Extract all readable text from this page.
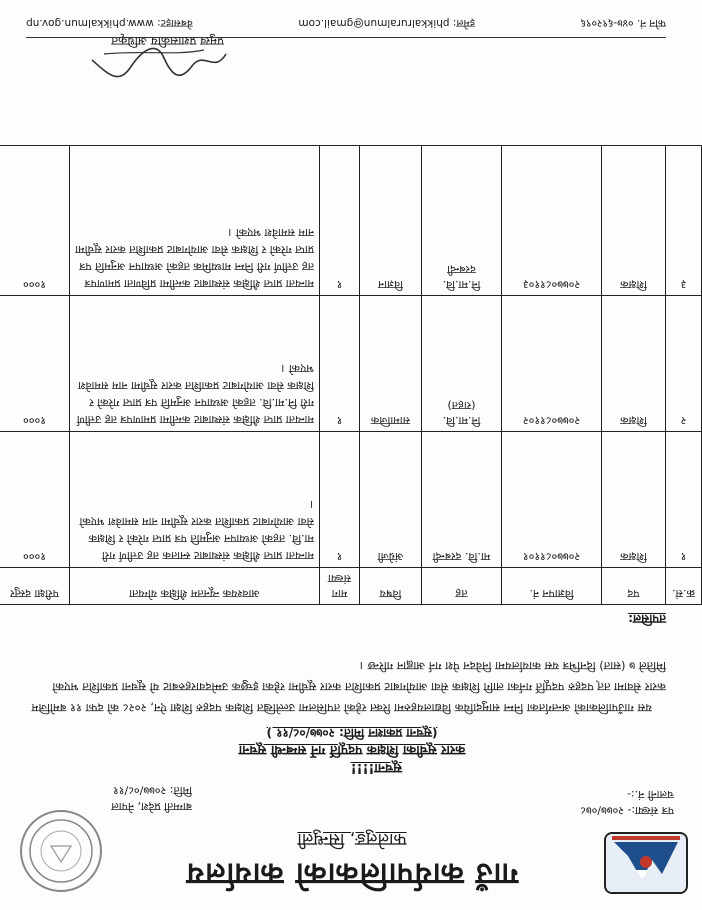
गाउँ कार्यपालिकाको कार्यालय
फालेलुङ, सिन्धुली
पत्र संख्या:- २०७७/०७८
चलानी नं.:-
बाग्मती प्रदेश, नेपाल
मिति: २०७७/०८/११
सूचना!!!!
करार सूचीका शिक्षक पदपूर्ति गर्ने सम्बन्धी सूचना
(सूचना प्रकाशन मिति: २०७७/०८/११ )
यस गाउँपालिकाको अन्तर्गतका निम्न सामुदायिक विद्यालयहरुमा रिक्त रहेको तपसिलमा उल्लेखित शिक्षक पदहरु शिक्षा ऐन, २०२८ को दफा ११ बमोजिम करार सेवामा तत् पदहरु पदपूर्ति गर्नका लागि शिक्षक सेवा आयोगबाट प्रकाशित करार सूचीमा रहेका इच्छुक उम्मेदवारहरुबाट यो सूचना प्रकाशित भएको मितिले ७ (सात) दिनभित्र यस कार्यालयमा निवेदन पेश गर्न आह्वान गरिन्छ ।
तपसिल:
क्र.सं.	पद	विज्ञापन नं.	तह	विषय	माग संख्या	आवश्यक न्यूनतम शैक्षिक योग्यता	परीक्षा दस्तुर
१	शिक्षक	२०७७०८११०१	मा.वि. दरबन्दी	अंग्रेजी	१	मान्यता प्राप्त शैक्षिक संस्थाबाट स्नातक तह उत्तीर्ण गरी मा.वि. तहको अध्यापन अनुमति पत्र प्राप्त गरेको र शिक्षक सेवा आयोगबाट प्रकाशित करार सूचीमा नाम समावेश भएको ।	१०००
२	शिक्षक	२०७७०८११०२	नि.मा.वि. (राहत)	सामाजिक	१	मान्यता प्राप्त शैक्षिक संस्थाबाट कम्तीमा प्रमाणपत्र तह उत्तीर्ण गरी नि.मा.वि. तहको अध्यापन अनुमति पत्र प्राप्त गरेको र शिक्षक सेवा आयोगबाट प्रकाशित करार सूचीमा नाम समावेश भएको ।	१०००
३	शिक्षक	२०७७०८११०३	नि.मा.वि. दरबन्दी	विज्ञान	१	मान्यता प्राप्त शैक्षिक संस्थाबाट कम्तीमा प्रविणता प्रमाणपत्र तह उत्तीर्ण गरी निम्न माध्यमिक तहको अध्यापन अनुमति पत्र प्राप्त गरेको र शिक्षक सेवा आयोगबाट प्रकाशित करार सूचीमा नाम समावेश भएको ।	१०००
प्रमुख प्रशासकीय अधिकृत
फोन नं. ०४७-६९२०९६
इमेल: phikkalruralmun@gmail.com
वेबसाइट: www.phikkalmun.gov.np
